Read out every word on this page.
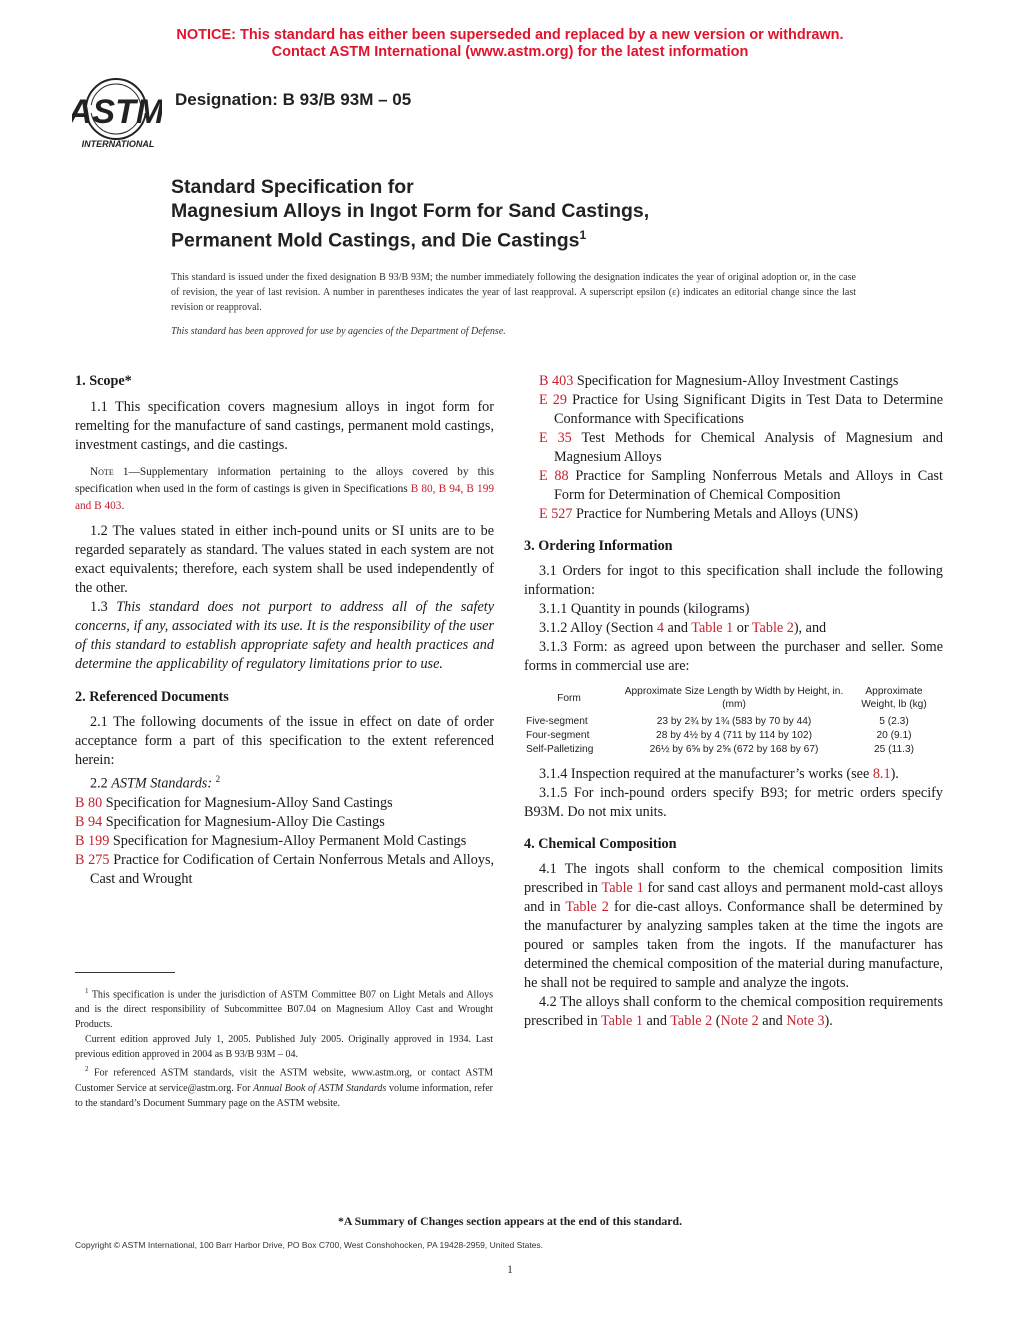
NOTICE: This standard has either been superseded and replaced by a new version or withdrawn.
Contact ASTM International (www.astm.org) for the latest information
ASTM
INTERNATIONAL
Designation: B 93/B 93M – 05
Standard Specification for
Magnesium Alloys in Ingot Form for Sand Castings,
Permanent Mold Castings, and Die Castings$^1$
This standard is issued under the fixed designation B 93/B 93M; the number immediately following the designation indicates the year of original adoption or, in the case of revision, the year of last revision. A number in parentheses indicates the year of last reapproval. A superscript epsilon (ε) indicates an editorial change since the last revision or reapproval.
This standard has been approved for use by agencies of the Department of Defense.
1. Scope*

1.1 This specification covers magnesium alloys in ingot form for remelting for the manufacture of sand castings, permanent mold castings, investment castings, and die castings.

Note 1—Supplementary information pertaining to the alloys covered by this specification when used in the form of castings is given in Specifications B 80, B 94, B 199 and B 403.

1.2 The values stated in either inch-pound units or SI units are to be regarded separately as standard. The values stated in each system are not exact equivalents; therefore, each system shall be used independently of the other.

1.3 This standard does not purport to address all of the safety concerns, if any, associated with its use. It is the responsibility of the user of this standard to establish appropriate safety and health practices and determine the applicability of regulatory limitations prior to use.

2. Referenced Documents

2.1 The following documents of the issue in effect on date of order acceptance form a part of this specification to the extent referenced herein:

2.2 ASTM Standards: $^2$

B 80 Specification for Magnesium-Alloy Sand Castings

B 94 Specification for Magnesium-Alloy Die Castings

B 199 Specification for Magnesium-Alloy Permanent Mold Castings

B 275 Practice for Codification of Certain Nonferrous Metals and Alloys, Cast and Wrought

$^1$ This specification is under the jurisdiction of ASTM Committee B07 on Light Metals and Alloys and is the direct responsibility of Subcommittee B07.04 on Magnesium Alloy Cast and Wrought Products.

Current edition approved July 1, 2005. Published July 2005. Originally approved in 1934. Last previous edition approved in 2004 as B 93/B 93M – 04.

$^2$ For referenced ASTM standards, visit the ASTM website, www.astm.org, or contact ASTM Customer Service at service@astm.org. For Annual Book of ASTM Standards volume information, refer to the standard’s Document Summary page on the ASTM website.

B 403 Specification for Magnesium-Alloy Investment Castings

E 29 Practice for Using Significant Digits in Test Data to Determine Conformance with Specifications

E 35 Test Methods for Chemical Analysis of Magnesium and Magnesium Alloys

E 88 Practice for Sampling Nonferrous Metals and Alloys in Cast Form for Determination of Chemical Composition

E 527 Practice for Numbering Metals and Alloys (UNS)

3. Ordering Information

3.1 Orders for ingot to this specification shall include the following information:

3.1.1 Quantity in pounds (kilograms)

3.1.2 Alloy (Section 4 and Table 1 or Table 2), and

3.1.3 Form: as agreed upon between the purchaser and seller. Some forms in commercial use are:

Form	Approximate Size Length by Width by Height, in. (mm)	Approximate Weight, lb (kg)
Five-segment	23 by 2¾ by 1¾ (583 by 70 by 44)	5 (2.3)
Four-segment	28 by 4½ by 4 (711 by 114 by 102)	20 (9.1)
Self-Palletizing	26½ by 6⅝ by 2⅝ (672 by 168 by 67)	25 (11.3)

3.1.4 Inspection required at the manufacturer’s works (see 8.1).

3.1.5 For inch-pound orders specify B93; for metric orders specify B93M. Do not mix units.

4. Chemical Composition

4.1 The ingots shall conform to the chemical composition limits prescribed in Table 1 for sand cast alloys and permanent mold-cast alloys and in Table 2 for die-cast alloys. Conformance shall be determined by the manufacturer by analyzing samples taken at the time the ingots are poured or samples taken from the ingots. If the manufacturer has determined the chemical composition of the material during manufacture, he shall not be required to sample and analyze the ingots.

4.2 The alloys shall conform to the chemical composition requirements prescribed in Table 1 and Table 2 (Note 2 and Note 3).

*A Summary of Changes section appears at the end of this standard.
Copyright © ASTM International, 100 Barr Harbor Drive, PO Box C700, West Conshohocken, PA 19428-2959, United States.
1
